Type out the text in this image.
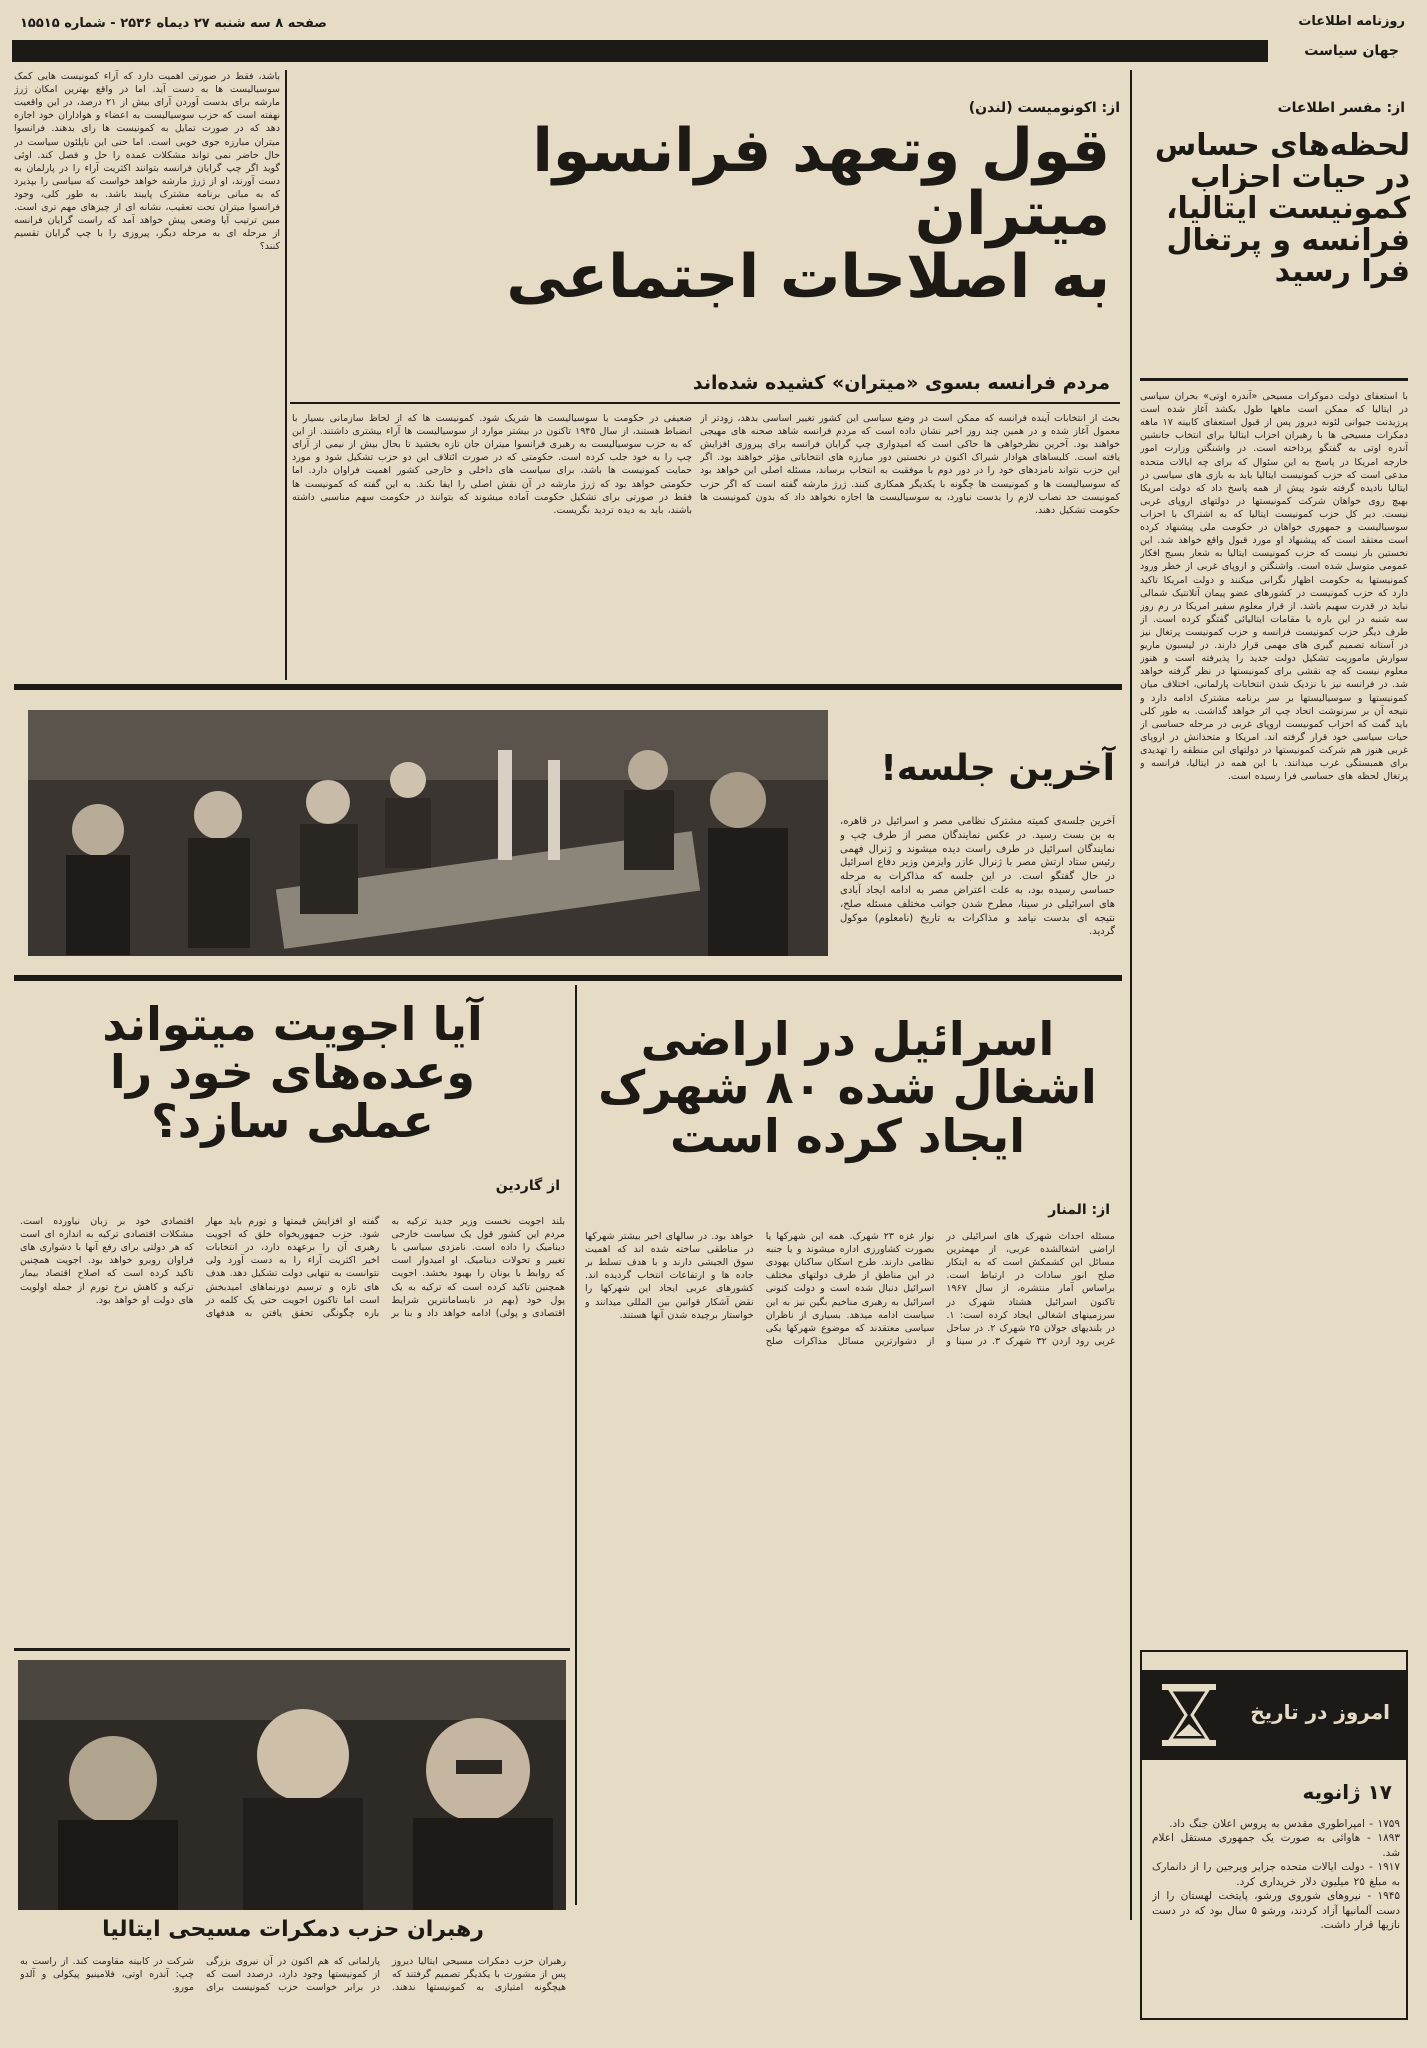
صفحه ۸ سه شنبه ۲۷ دیماه ۲۵۳۶ - شماره ۱۵۵۱۵	روزنامه اطلاعات
جهان سیاست
از: مفسر اطلاعات
لحظه‌های حساس
در حیات احزاب
کمونیست ایتالیا،
فرانسه‌ و پرتغال
فرا رسید
با استعفای دولت دموکرات مسیحی «آندره اوتی» بحران سیاسی در ایتالیا که ممکن است ماهها طول بکشد آغاز شده است پرزیدنت جیوانی لئونه دیروز پس از قبول استعفای کابینه ۱۷ ماهه دمکرات مسیحی ها با رهبران احزاب ایتالیا برای انتخاب جانشین آندره اوتی به گفتگو پرداخته است. در واشنگتن وزارت امور خارجه امریکا در پاسخ به این سئوال که برای چه ایالات متحده مدعی است که حزب کمونیست ایتالیا باید به بازی های سیاسی در ایتالیا نادیده گرفته شود پیش از همه پاسخ داد که دولت امریکا بهیچ روی خواهان شرکت کمونیستها در دولتهای اروپای غربی نیست. دیر کل حزب کمونیست ایتالیا که به اشتراک با احزاب سوسیالیست و جمهوری خواهان در حکومت ملی پیشنهاد کرده است معتقد است که پیشنهاد او مورد قبول واقع خواهد شد. این نخستین بار نیست که حزب کمونیست ایتالیا به شعار بسیج افکار عمومی متوسل شده است. واشنگتن و اروپای غربی از خطر ورود کمونیستها به حکومت اظهار نگرانی میکنند و دولت امریکا تاکید دارد که حزب کمونیست در کشورهای عضو پیمان آتلانتیک شمالی نباید در قدرت سهیم باشد. از قرار معلوم سفیر امریکا در رم روز سه شنبه در این باره با مقامات ایتالیائی گفتگو کرده است. از طرف دیگر حزب کمونیست فرانسه و حزب کمونیست پرتغال نیز در آستانه تصمیم گیری های مهمی قرار دارند. در لیسبون ماریو سوارش ماموریت تشکیل دولت جدید را پذیرفته است و هنوز معلوم نیست که چه نقشی برای کمونیستها در نظر گرفته خواهد شد. در فرانسه نیز با نزدیک شدن انتخابات پارلمانی، اختلاف میان کمونیستها و سوسیالیستها بر سر برنامه مشترک ادامه دارد و نتیجه آن بر سرنوشت اتحاد چپ اثر خواهد گذاشت. به طور کلی باید گفت که احزاب کمونیست اروپای غربی در مرحله حساسی از حیات سیاسی خود قرار گرفته اند. امریکا و متحدانش در اروپای غربی هنوز هم شرکت کمونیستها در دولتهای این منطقه را تهدیدی برای همبستگی غرب میدانند. با این همه در ایتالیا، فرانسه و پرتغال لحظه های حساسی فرا رسیده است.
امروز در تاریخ
۱۷ ژانویه
۱۷۵۹ - امپراطوری مقدس به پروس اعلان جنگ داد.
۱۸۹۳ - هاوائی به صورت یک جمهوری مستقل اعلام شد.
۱۹۱۷ - دولت ایالات متحده جزایر ویرجین را از دانمارک به مبلغ ۲۵ میلیون دلار خریداری کرد.
۱۹۴۵ - نیروهای شوروی ورشو، پایتخت لهستان را از دست آلمانیها آزاد کردند، ورشو ۵ سال بود که در دست نازیها قرار داشت.
از: اکونومیست (لندن)
قول وتعهد فرانسوا میتران
به اصلاحات اجتماعی
مردم فرانسه بسوی «میتران» کشیده شده‌اند
باشد، فقط در صورتی اهمیت دارد که آراء کمونیست هایی کمک سوسیالیست ها به دست آید. اما در واقع بهترین امکان ژرژ مارشه برای بدست آوردن آرای بیش از ۲۱ درصد، در این واقعیت نهفته است که حزب سوسیالیست به اعضاء و هواداران خود اجازه دهد که در صورت تمایل به کمونیست ها رای بدهند. فرانسوا میتران مبارزه جوی خوبی است. اما حتی این ناپلئون سیاست در حال حاضر نمی تواند مشکلات عمده را حل و فصل کند. اوئی گوید اگر چپ گرایان فرانسه بتوانند اکثریت آراء را در پارلمان به دست آورند، او از ژرژ مارشه خواهد خواست که سیاسی را بپذیرد که به مبانی برنامه مشترک پایبند باشد. به طور کلی، وجود فرانسوا میتران تحت تعقیب، نشانه ای از چیزهای مهم تری است. مبین ترتیب آیا وضعی پیش خواهد آمد که راست گرایان فرانسه از مرحله ای به مرحله دیگر، پیروزی را با چپ گرایان تقسیم کنند؟
ضعیفی در حکومت با سوسیالیست ها شریک شود. کمونیست ها که از لحاظ سازمانی بسیار با انضباط هستند، از سال ۱۹۴۵ تاکنون در بیشتر موارد از سوسیالیست ها آراء بیشتری داشتند. از این که به حزب سوسیالیست به رهبری فرانسوا میتران جان تازه بخشید تا بحال بیش از نیمی از آرای چپ را به خود جلب کرده است. حکومتی که در صورت ائتلاف این دو حزب تشکیل شود و مورد حمایت کمونیست ها باشد، برای سیاست های داخلی و خارجی کشور اهمیت فراوان دارد. اما حکومتی خواهد بود که ژرژ مارشه در آن نقش اصلی را ایفا نکند. به این گفته که کمونیست ها فقط در صورتی برای تشکیل حکومت آماده میشوند که بتوانند در حکومت سهم مناسبی داشته باشند، باید به دیده تردید نگریست.
بحث از انتخابات آینده فرانسه که ممکن است در وضع سیاسی این کشور تغییر اساسی بدهد، زودتر از معمول آغاز شده و در همین چند روز اخیر نشان داده است که مردم فرانسه شاهد صحنه های مهیجی خواهند بود. آخرین نظرخواهی ها حاکی است که امیدواری چپ گرایان فرانسه برای پیروزی افزایش یافته است. کلیساهای هوادار شیراک اکنون در نخستین دور مبارزه های انتخاباتی مؤثر خواهند بود. اگر این حزب نتواند نامزدهای خود را در دور دوم با موفقیت به انتخاب برساند، مسئله اصلی این خواهد بود که سوسیالیست ها و کمونیست ها چگونه با یکدیگر همکاری کنند. ژرژ مارشه گفته است که اگر حزب کمونیست حد نصاب لازم را بدست نیاورد، به سوسیالیست ها اجازه نخواهد داد که بدون کمونیست ها حکومت تشکیل دهند.
آخرین جلسه!
آخرین جلسه‌ی کمیته مشترک نظامی مصر و اسرائیل در قاهره، به بن بست رسید. در عکس نمایندگان مصر از طرف چپ و نمایندگان اسرائیل در طرف راست دیده میشوند و ژنرال فهمی رئیس ستاد ارتش مصر با ژنرال عازر وایزمن وزیر دفاع اسرائیل در حال گفتگو است. در این جلسه که مذاکرات به مرحله حساسی رسیده بود، به علت اعتراض مصر به ادامه ایجاد آبادی های اسرائیلی در سینا، مطرح شدن جوانب مختلف مسئله صلح، نتیجه ای بدست نیامد و مذاکرات به تاریخ (نامعلوم) موکول گردید.
اسرائیل در اراضی
اشغال شده ۸۰ شهرک
ایجاد کرده است
از: المنار
مسئله احداث شهرک های اسرائیلی در اراضی اشغالشده عربی، از مهمترین مسائل این کشمکش است که به ایتکار صلح انور سادات در ارتباط است. براساس آمار منتشره، از سال ۱۹۶۷ تاکنون اسرائیل هشتاد شهرک در سرزمینهای اشغالی ایجاد کرده است: ۱. در بلندیهای جولان ۲۵ شهرک ۲. در ساحل غربی رود اردن ۳۲ شهرک ۳. در سینا و نوار غزه ۲۳ شهرک. همه این شهرکها یا بصورت کشاورزی اداره میشوند و یا جنبه نظامی دارند. طرح اسکان ساکنان یهودی در این مناطق از طرف دولتهای مختلف اسرائیل دنبال شده است و دولت کنونی اسرائیل به رهبری مناخیم بگین نیز به این سیاست ادامه میدهد. بسیاری از ناظران سیاسی معتقدند که موضوع شهرکها یکی از دشوارترین مسائل مذاکرات صلح خواهد بود. در سالهای اخیر بیشتر شهرکها در مناطقی ساخته شده اند که اهمیت سوق الجیشی دارند و با هدف تسلط بر جاده ها و ارتفاعات انتخاب گردیده اند. کشورهای عربی ایجاد این شهرکها را نقض آشکار قوانین بین المللی میدانند و خواستار برچیده شدن آنها هستند.
آیا اجویت میتواند
وعده‌های خود را
عملی سازد؟
از گاردین
بلند اجویت نخست وزیر جدید ترکیه به مردم این کشور قول یک سیاست خارجی دینامیک را داده است. نامزدی سیاسی با تغییر و تحولات دینامیک. او امیدوار است که روابط با یونان را بهبود بخشد. اجویت همچنین تاکید کرده است که ترکیه به یک پول خود (بهم در نابسامانترین شرایط اقتصادی و پولی) ادامه خواهد داد و بنا بر گفته او افزایش قیمتها و تورم باید مهار شود. حزب جمهوریخواه خلق که اجویت رهبری آن را برعهده دارد، در انتخابات اخیر اکثریت آراء را به دست آورد ولی نتوانست به تنهایی دولت تشکیل دهد. هدف های تازه و ترسیم دورنماهای امیدبخش است اما تاکنون اجویت حتی یک کلمه در باره چگونگی تحقق یافتن به هدفهای اقتصادی خود بر زبان نیاورده است. مشکلات اقتصادی ترکیه به اندازه ای است که هر دولتی برای رفع آنها با دشواری های فراوان روبرو خواهد بود. اجویت همچنین تاکید کرده است که اصلاح اقتصاد بیمار ترکیه و کاهش نرخ تورم از جمله اولویت های دولت او خواهد بود.
رهبران حزب دمکرات مسیحی ایتالیا
رهبران حزب دمکرات مسیحی ایتالیا دیروز پس از مشورت با یکدیگر تصمیم گرفتند که هیچگونه امتیازی به کمونیستها ندهند. پارلمانی که هم‌ اکنون در آن نیروی بزرگی از کمونیستها وجود دارد، درصدد است که در برابر خواست حزب کمونیست برای شرکت در کابینه مقاومت کند. از راست به چپ: آندره اوتی، فلامینیو پیکولی و آلدو مورو.
